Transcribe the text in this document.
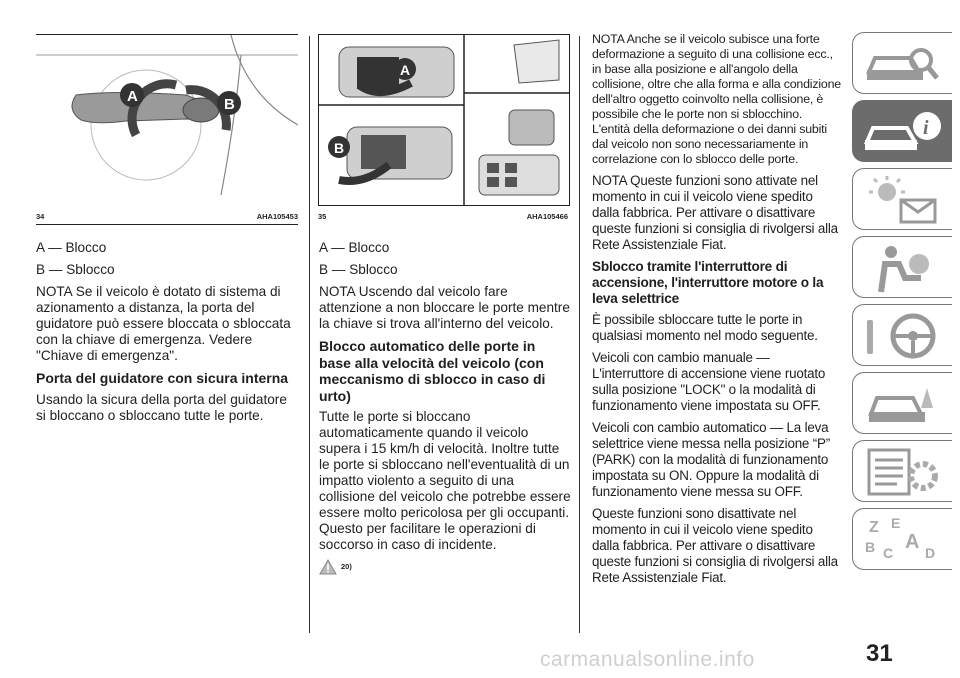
A	B
34	AHA105453
A
B
35	AHA105466

A — Blocco

B — Sblocco

NOTA Se il veicolo è dotato di sistema di azionamento a distanza, la porta del guidatore può essere bloccata o sbloccata con la chiave di emergenza. Vedere "Chiave di emergenza".

Porta del guidatore con sicura interna

Usando la sicura della porta del guidatore si bloccano o sbloccano tutte le porte.

A — Blocco

B — Sblocco

NOTA Uscendo dal veicolo fare attenzione a non bloccare le porte mentre la chiave si trova all'interno del veicolo.

Blocco automatico delle porte in base alla velocità del veicolo (con meccanismo di sblocco in caso di urto)

Tutte le porte si bloccano automaticamente quando il veicolo supera i 15 km/h di velocità. Inoltre tutte le porte si sbloccano nell'eventualità di un impatto violento a seguito di una collisione del veicolo che potrebbe essere essere molto pericolosa per gli occupanti. Questo per facilitare le operazioni di soccorso in caso di incidente.

20)

NOTA Anche se il veicolo subisce una forte deformazione a seguito di una collisione ecc., in base alla posizione e all'angolo della collisione, oltre che alla forma e alla condizione dell'altro oggetto coinvolto nella collisione, è possibile che le porte non si sblocchino. L'entità della deformazione o dei danni subiti dal veicolo non sono necessariamente in correlazione con lo sblocco delle porte.

NOTA Queste funzioni sono attivate nel momento in cui il veicolo viene spedito dalla fabbrica. Per attivare o disattivare queste funzioni si consiglia di rivolgersi alla Rete Assistenziale Fiat.

Sblocco tramite l'interruttore di accensione, l'interruttore motore o la leva selettrice

È possibile sbloccare tutte le porte in qualsiasi momento nel modo seguente.

Veicoli con cambio manuale — L'interruttore di accensione viene ruotato sulla posizione "LOCK" o la modalità di funzionamento viene impostata su OFF.

Veicoli con cambio automatico — La leva selettrice viene messa nella posizione “P” (PARK) con la modalità di funzionamento impostata su ON. Oppure la modalità di funzionamento viene messa su OFF.

Queste funzioni sono disattivate nel momento in cui il veicolo viene spedito dalla fabbrica. Per attivare o disattivare queste funzioni si consiglia di rivolgersi alla Rete Assistenziale Fiat.

i
Z E
B C A D
31
carmanualsonline.info
